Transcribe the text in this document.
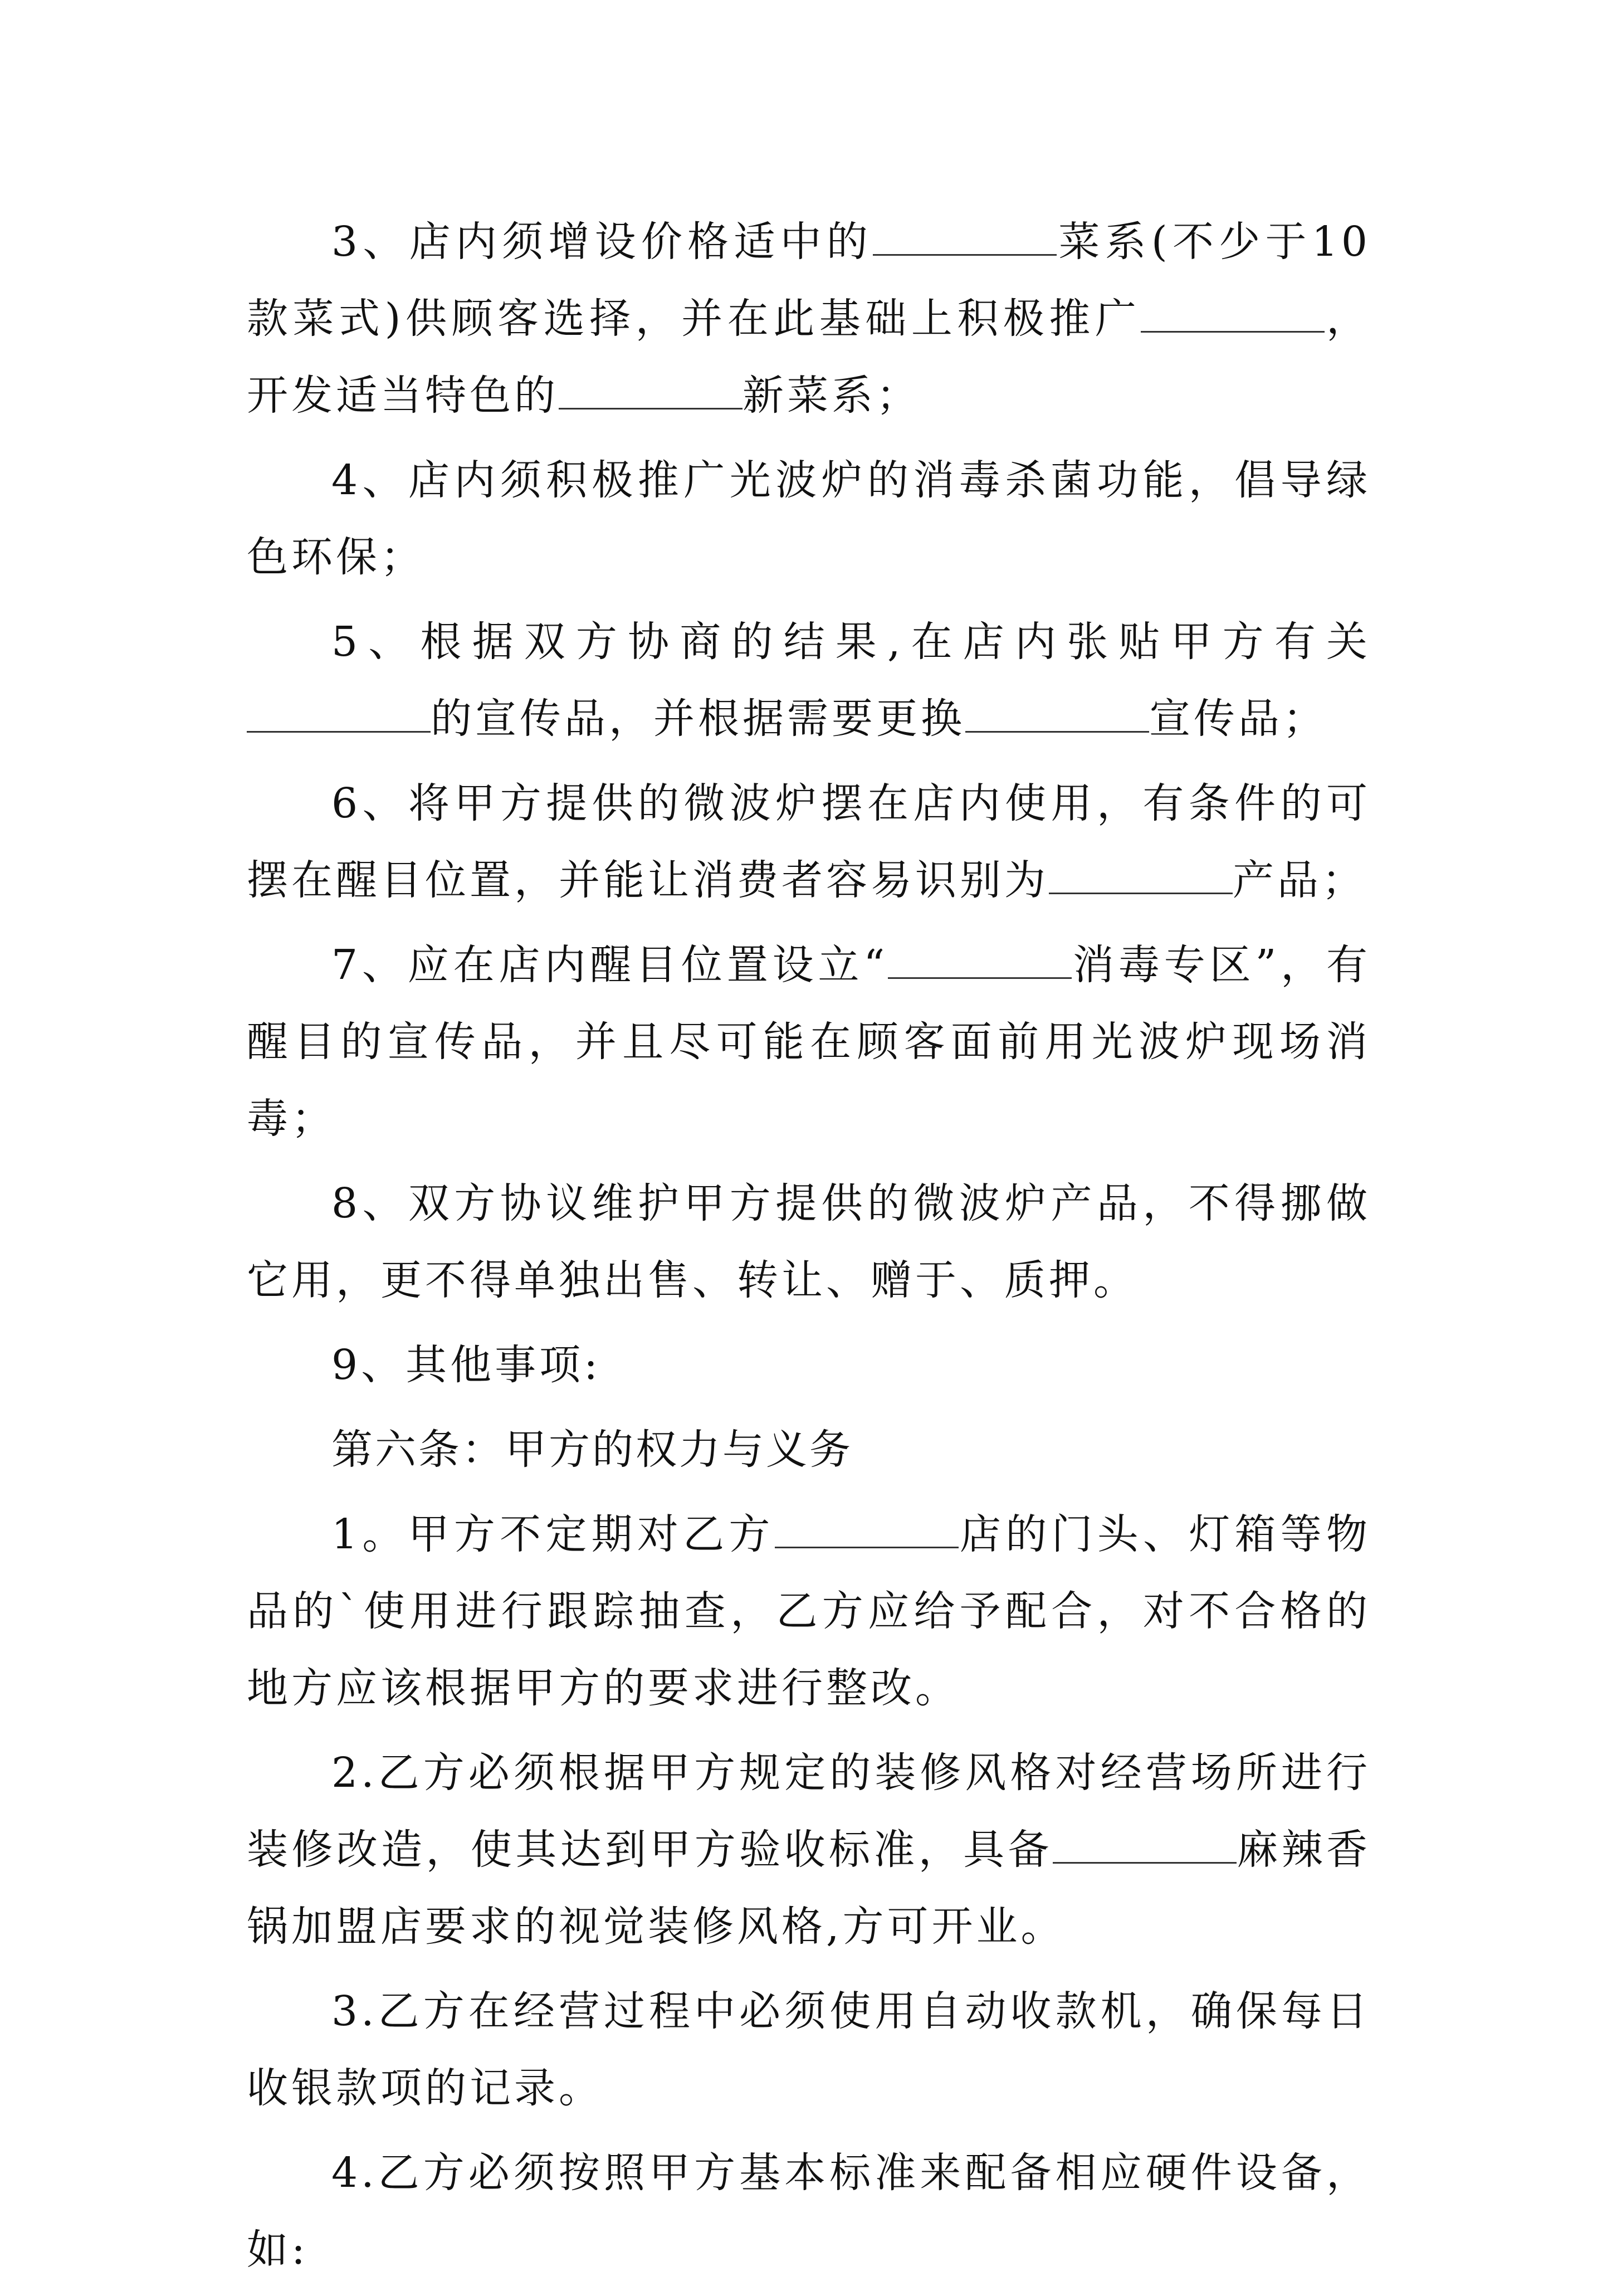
3、店内须增设价格适中的	菜系(不少于10款菜式)供顾客选择，并在此基础上积极推广	，开发适当特色的	新菜系；

4、店内须积极推广光波炉的消毒杀菌功能，倡导绿色环保；

5、根据双方协商的结果,在店内张贴甲方有关的宣传品，并根据需要更换	宣传品；

6、将甲方提供的微波炉摆在店内使用，有条件的可摆在醒目位置，并能让消费者容易识别为	产品；

7、应在店内醒目位置设立“	消毒专区”，有醒目的宣传品，并且尽可能在顾客面前用光波炉现场消毒；

8、双方协议维护甲方提供的微波炉产品，不得挪做它用，更不得单独出售、转让、赠于、质押。

9、其他事项:

第六条：甲方的权力与义务

1。甲方不定期对乙方	店的门头、灯箱等物品的`使用进行跟踪抽查，乙方应给予配合，对不合格的地方应该根据甲方的要求进行整改。

2.乙方必须根据甲方规定的装修风格对经营场所进行装修改造，使其达到甲方验收标准，具备	麻辣香锅加盟店要求的视觉装修风格,方可开业。

3.乙方在经营过程中必须使用自动收款机，确保每日收银款项的记录。

4.乙方必须按照甲方基本标准来配备相应硬件设备，如:
